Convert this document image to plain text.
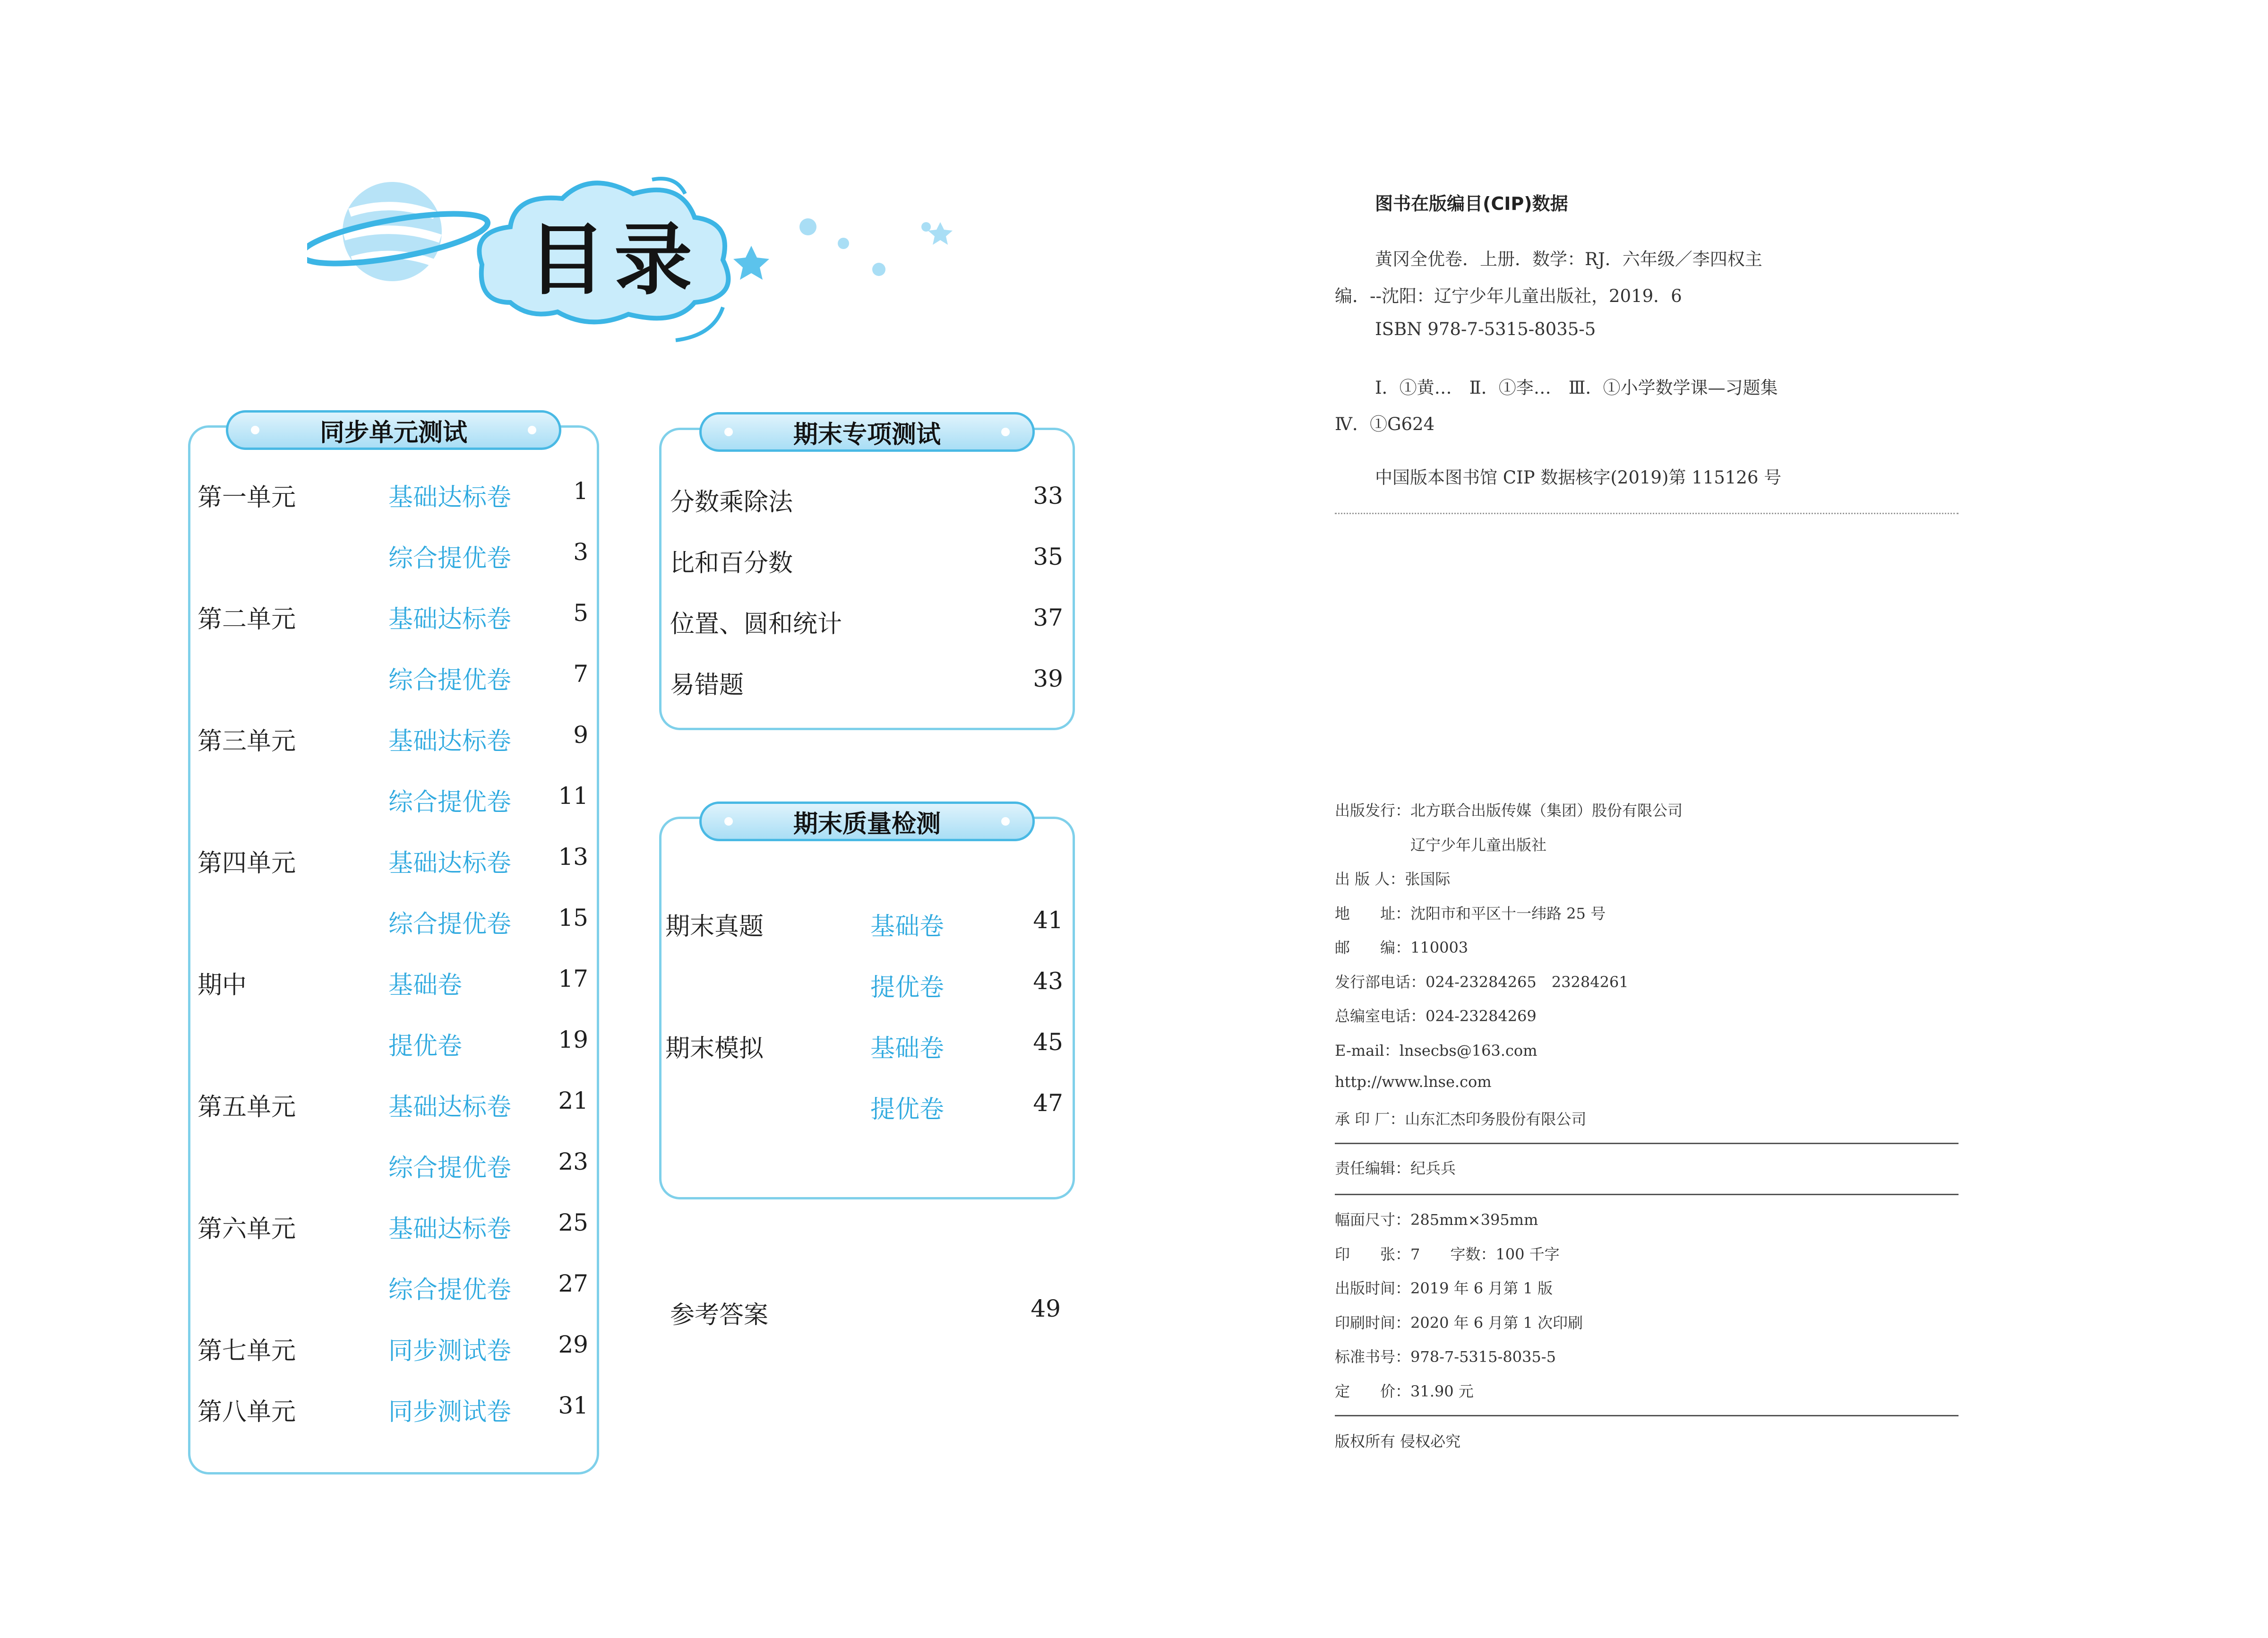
目录
同步单元测试
第一单元	基础达标卷	1
综合提优卷	3
第二单元	基础达标卷	5
综合提优卷	7
第三单元	基础达标卷	9
综合提优卷	11
第四单元	基础达标卷	13
综合提优卷	15
期中	基础卷	17
提优卷	19
第五单元	基础达标卷	21
综合提优卷	23
第六单元	基础达标卷	25
综合提优卷	27
第七单元	同步测试卷	29
第八单元	同步测试卷	31
期末专项测试
分数乘除法	33
比和百分数	35
位置、圆和统计	37
易错题	39
期末质量检测
期末真题	基础卷	41
提优卷	43
期末模拟	基础卷	45
提优卷	47
参考答案	49
图书在版编目(CIP)数据
黄冈全优卷．上册．数学：RJ．六年级／李四权主
编．--沈阳：辽宁少年儿童出版社，2019．6
ISBN 978-7-5315-8035-5
Ⅰ．①黄…　Ⅱ．①李…　Ⅲ．①小学数学课—习题集
Ⅳ．①G624
中国版本图书馆 CIP 数据核字(2019)第 115126 号
出版发行：北方联合出版传媒（集团）股份有限公司
　　　　　辽宁少年儿童出版社
出 版 人：张国际
地　　址：沈阳市和平区十一纬路 25 号
邮　　编：110003
发行部电话：024-23284265　23284261
总编室电话：024-23284269
E-mail：lnsecbs@163.com
http://www.lnse.com
承 印 厂：山东汇杰印务股份有限公司
责任编辑：纪兵兵
幅面尺寸：285mm×395mm
印　　张：7　　字数：100 千字
出版时间：2019 年 6 月第 1 版
印刷时间：2020 年 6 月第 1 次印刷
标准书号：978-7-5315-8035-5
定　　价：31.90 元
版权所有 侵权必究
